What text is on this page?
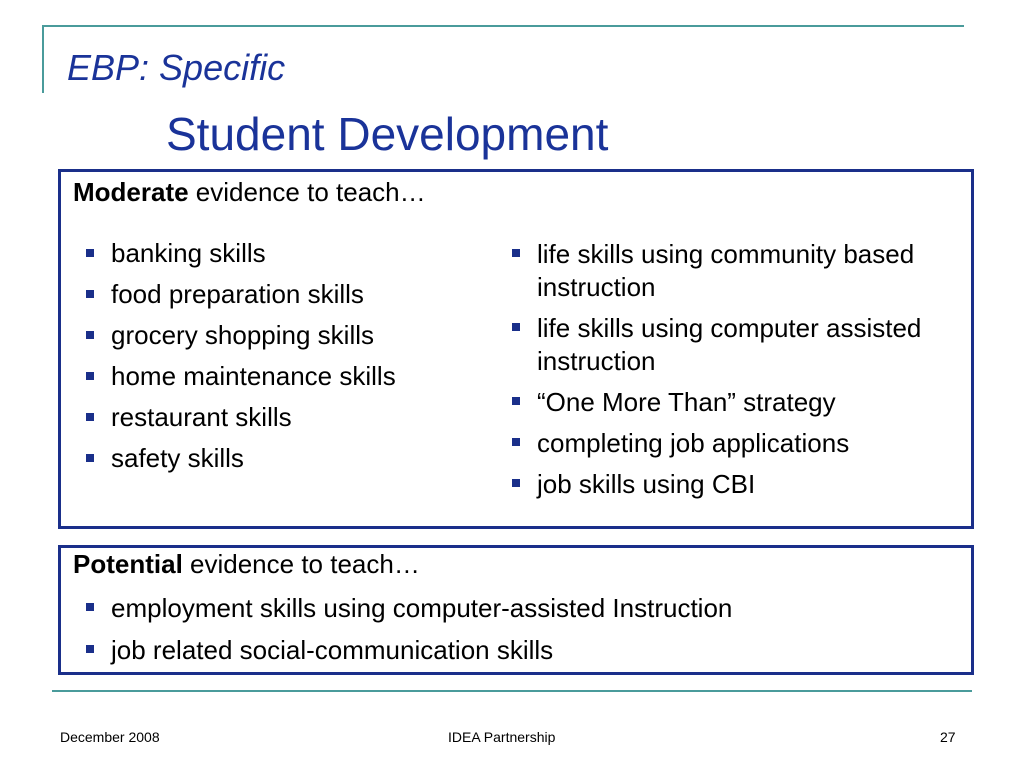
EBP: Specific
Student Development
Moderate evidence to teach…
banking skills
food preparation skills
grocery shopping skills
home maintenance skills
restaurant skills
safety skills
life skills using community based instruction
life skills using computer assisted instruction
“One More Than” strategy
completing job applications
job skills using CBI
Potential evidence to teach…
employment skills using computer-assisted Instruction
job related social-communication skills
December 2008	IDEA Partnership	27
